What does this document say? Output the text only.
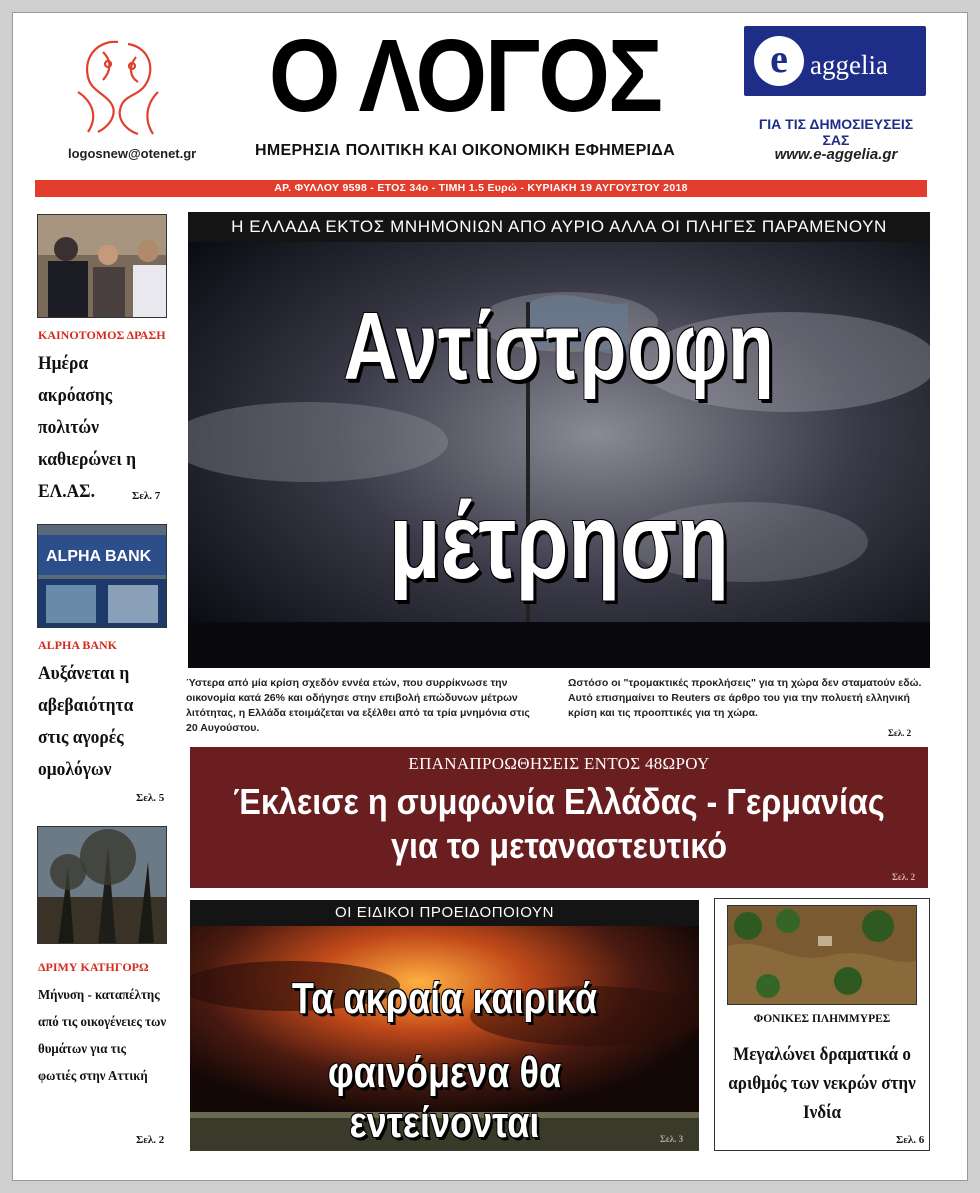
logosnew@otenet.gr
Ο ΛΟΓΟΣ
ΗΜΕΡΗΣΙΑ ΠΟΛΙΤΙΚΗ ΚΑΙ ΟΙΚΟΝΟΜΙΚΗ ΕΦΗΜΕΡΙΔΑ
e aggelia
ΓΙΑ ΤΙΣ ΔΗΜΟΣΙΕΥΣΕΙΣ ΣΑΣ
www.e-aggelia.gr
ΑΡ. ΦΥΛΛΟΥ 9598 - ΕΤΟΣ 34ο - ΤΙΜΗ 1.5 Ευρώ - ΚΥΡΙΑΚΗ 19 ΑΥΓΟΥΣΤΟΥ 2018
ΚΑΙΝΟΤΟΜΟΣ ΔΡΑΣΗ
Ημέρα ακρόασης πολιτών καθιερώνει η ΕΛ.ΑΣ.	Σελ. 7
ALPHA BANK
ALPHA BANK
Αυξάνεται η αβεβαιότητα στις αγορές ομολόγων
Σελ. 5
ΔΡΙΜΥ ΚΑΤΗΓΟΡΩ
Μήνυση - καταπέλτης από τις οικογένειες των θυμάτων για τις φωτιές στην Αττική
Σελ. 2
Η ΕΛΛΑΔΑ ΕΚΤΟΣ ΜΝΗΜΟΝΙΩΝ ΑΠΟ ΑΥΡΙΟ ΑΛΛΑ ΟΙ ΠΛΗΓΕΣ ΠΑΡΑΜΕΝΟΥΝ
Αντίστροφη
μέτρηση
Ύστερα από μία κρίση σχεδόν εννέα ετών, που συρρίκνωσε την οικονομία κατά 26% και οδήγησε στην επιβολή επώδυνων μέτρων λιτότητας, η Ελλάδα ετοιμάζεται να εξέλθει από τα τρία μνημόνια στις 20 Αυγούστου.
Ωστόσο οι "τρομακτικές προκλήσεις" για τη χώρα δεν σταματούν εδώ. Αυτό επισημαίνει το Reuters σε άρθρο του για την πολυετή ελληνική κρίση και τις προοπτικές για τη χώρα.
Σελ. 2
ΕΠΑΝΑΠΡΟΩΘΗΣΕΙΣ ΕΝΤΟΣ 48ΩΡΟΥ
Έκλεισε η συμφωνία Ελλάδας - Γερμανίας
για το μεταναστευτικό
Σελ. 2
ΟΙ ΕΙΔΙΚΟΙ ΠΡΟΕΙΔΟΠΟΙΟΥΝ
Τα ακραία καιρικά
φαινόμενα θα εντείνονται	Σελ. 3
ΦΟΝΙΚΕΣ ΠΛΗΜΜΥΡΕΣ
Μεγαλώνει δραματικά ο αριθμός των νεκρών στην Ινδία
Σελ. 6
